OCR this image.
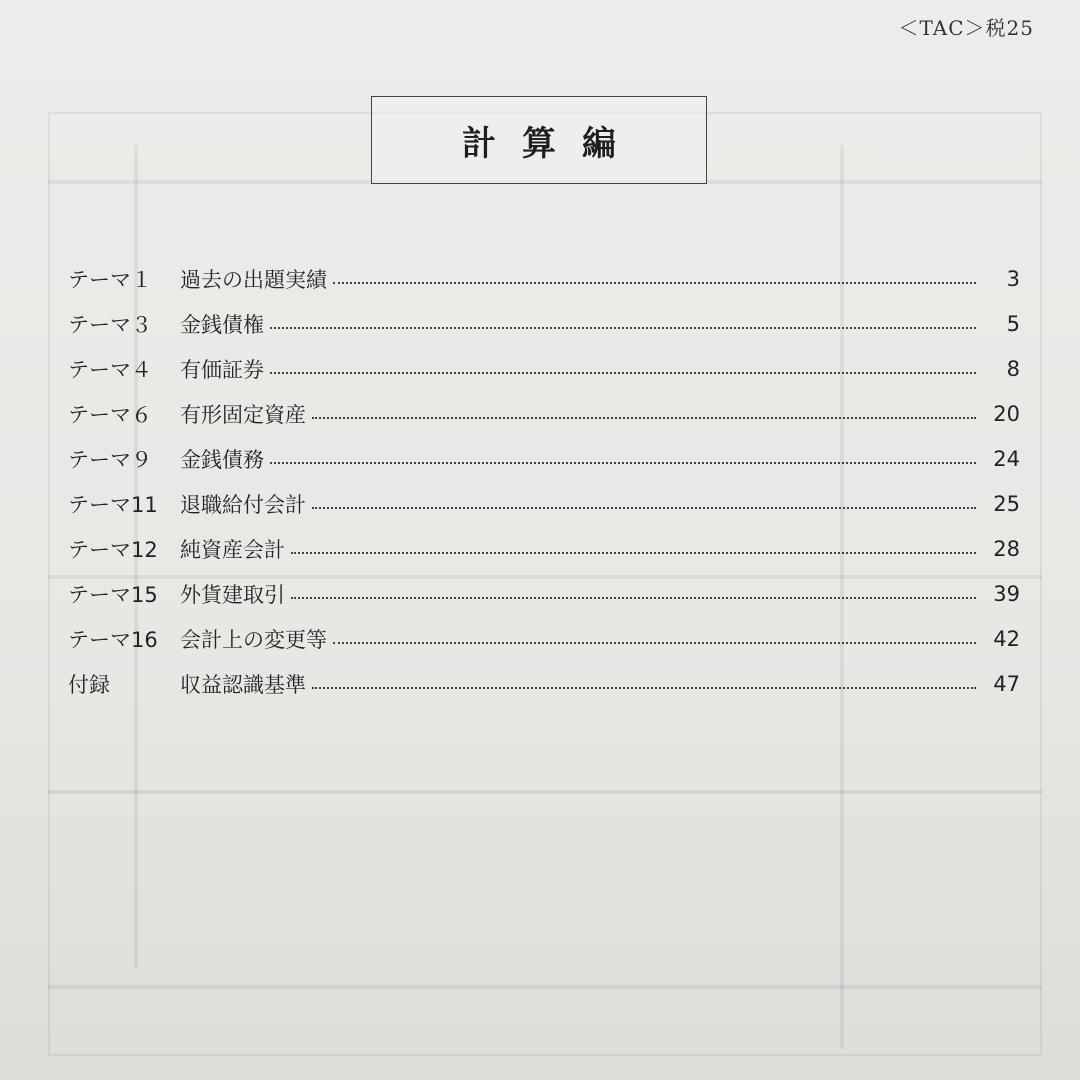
＜TAC＞税25
計算編
テーマ１	過去の出題実績	3
テーマ３	金銭債権	5
テーマ４	有価証券	8
テーマ６	有形固定資産	20
テーマ９	金銭債務	24
テーマ11	退職給付会計	25
テーマ12	純資産会計	28
テーマ15	外貨建取引	39
テーマ16	会計上の変更等	42
付録	収益認識基準	47
